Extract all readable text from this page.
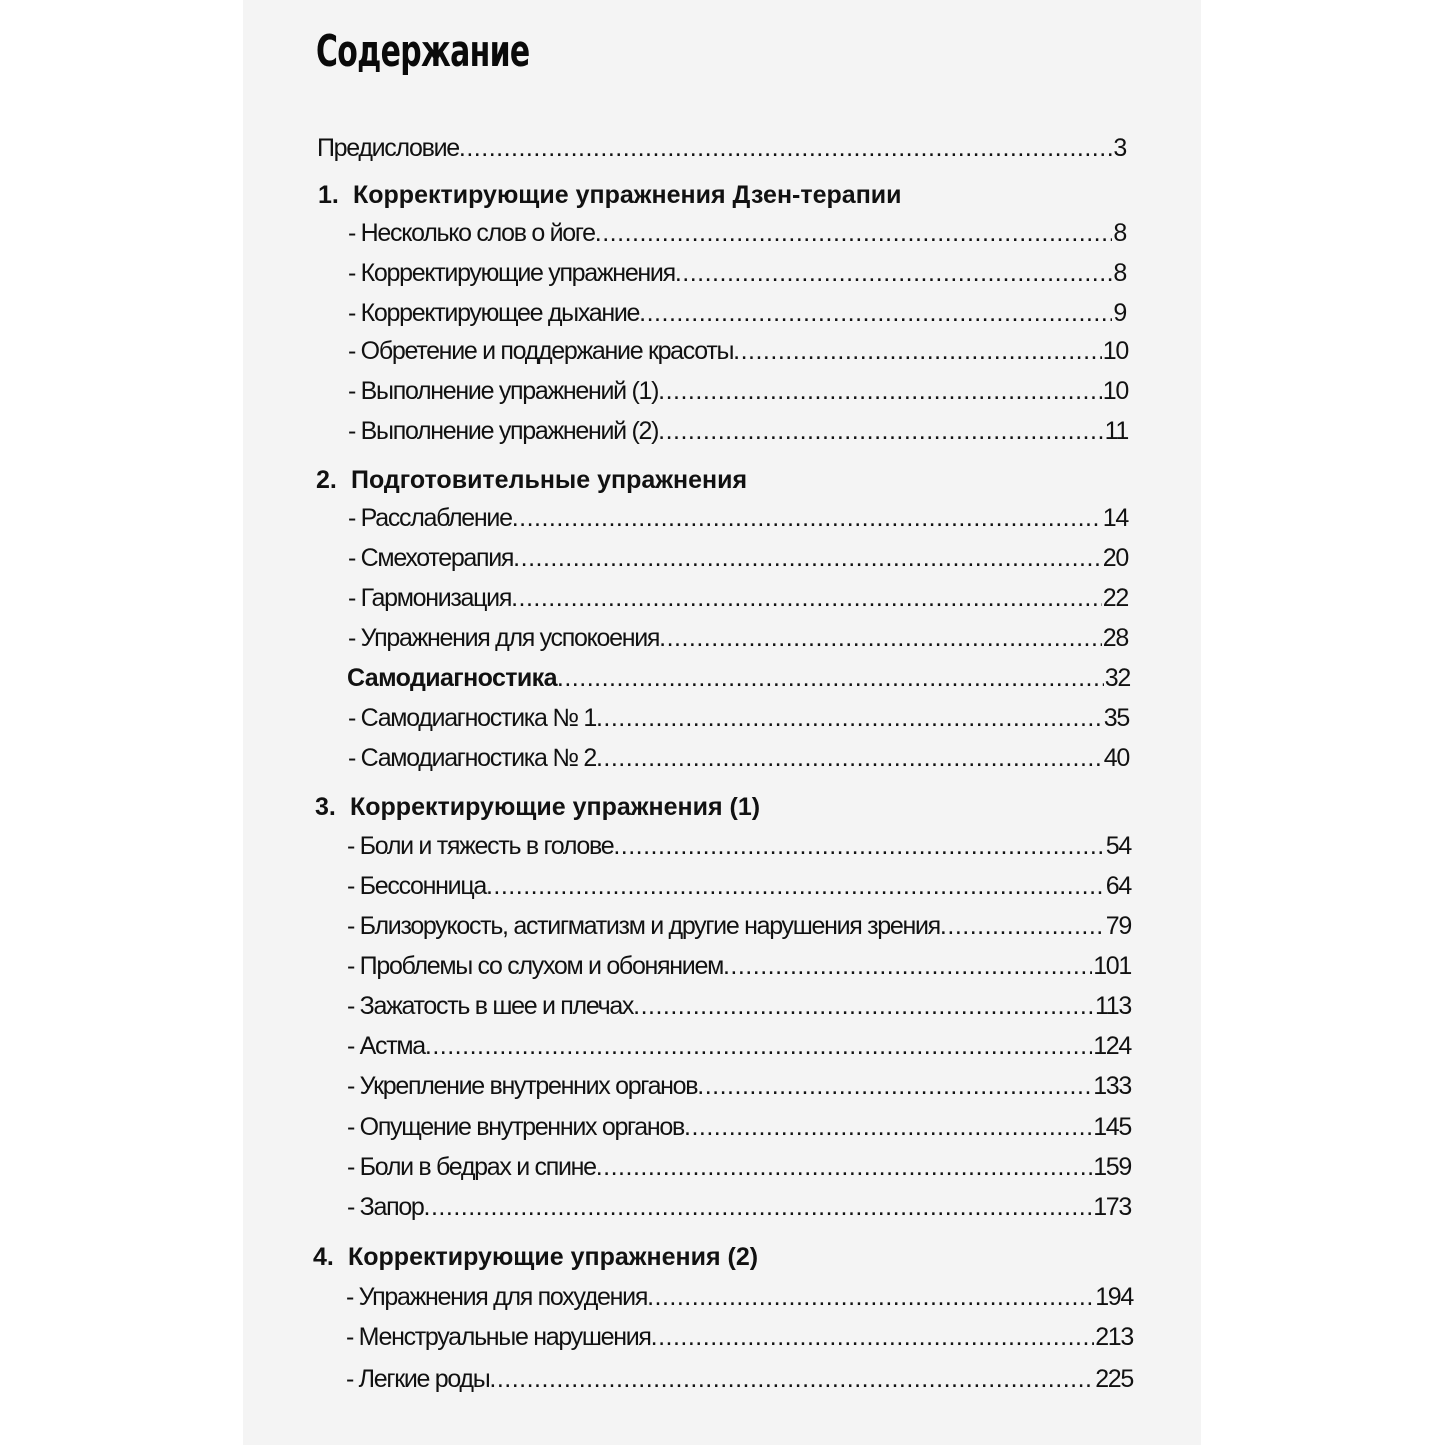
Содержание
Предисловие .....	3
1. Корректирующие упражнения Дзен-терапии
- Несколько слов о йоге .....	8
- Корректирующие упражнения .....	8
- Корректирующее дыхание .....	9
- Обретение и поддержание красоты .....	10
- Выполнение упражнений (1) .....	10
- Выполнение упражнений (2) .....	11
2. Подготовительные упражнения
- Расслабление .....	14
- Смехотерапия .....	20
- Гармонизация .....	22
- Упражнения для успокоения .....	28
Самодиагностика .....	32
- Самодиагностика № 1 .....	35
- Самодиагностика № 2 .....	40
3. Корректирующие упражнения (1)
- Боли и тяжесть в голове .....	54
- Бессонница .....	64
- Близорукость, астигматизм и другие нарушения зрения .....	79
- Проблемы со слухом и обонянием .....	101
- Зажатость в шее и плечах .....	113
- Астма .....	124
- Укрепление внутренних органов .....	133
- Опущение внутренних органов .....	145
- Боли в бедрах и спине .....	159
- Запор .....	173
4. Корректирующие упражнения (2)
- Упражнения для похудения .....	194
- Менструальные нарушения .....	213
- Легкие роды .....	225
